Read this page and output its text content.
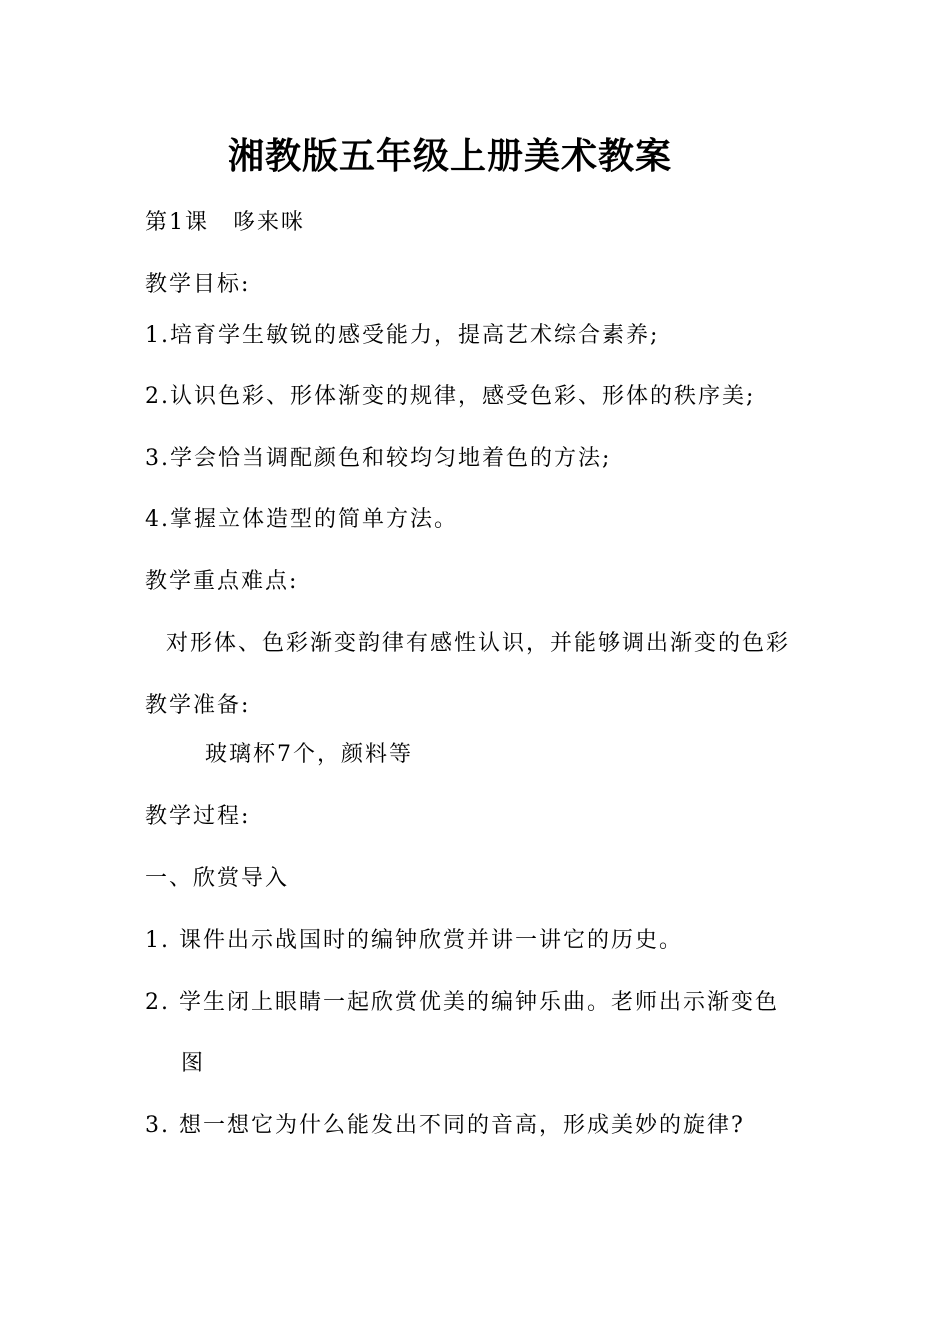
湘教版五年级上册美术教案
第1课　哆来咪
教学目标:
1.培育学生敏锐的感受能力，提高艺术综合素养;
2.认识色彩、形体渐变的规律，感受色彩、形体的秩序美;
3.学会恰当调配颜色和较均匀地着色的方法;
4.掌握立体造型的简单方法。
教学重点难点:
对形体、色彩渐变韵律有感性认识，并能够调出渐变的色彩
教学准备:
玻璃杯7个，颜料等
教学过程:
一、欣赏导入
1. 课件出示战国时的编钟欣赏并讲一讲它的历史。
2. 学生闭上眼睛一起欣赏优美的编钟乐曲。老师出示渐变色
图
3. 想一想它为什么能发出不同的音高，形成美妙的旋律?
